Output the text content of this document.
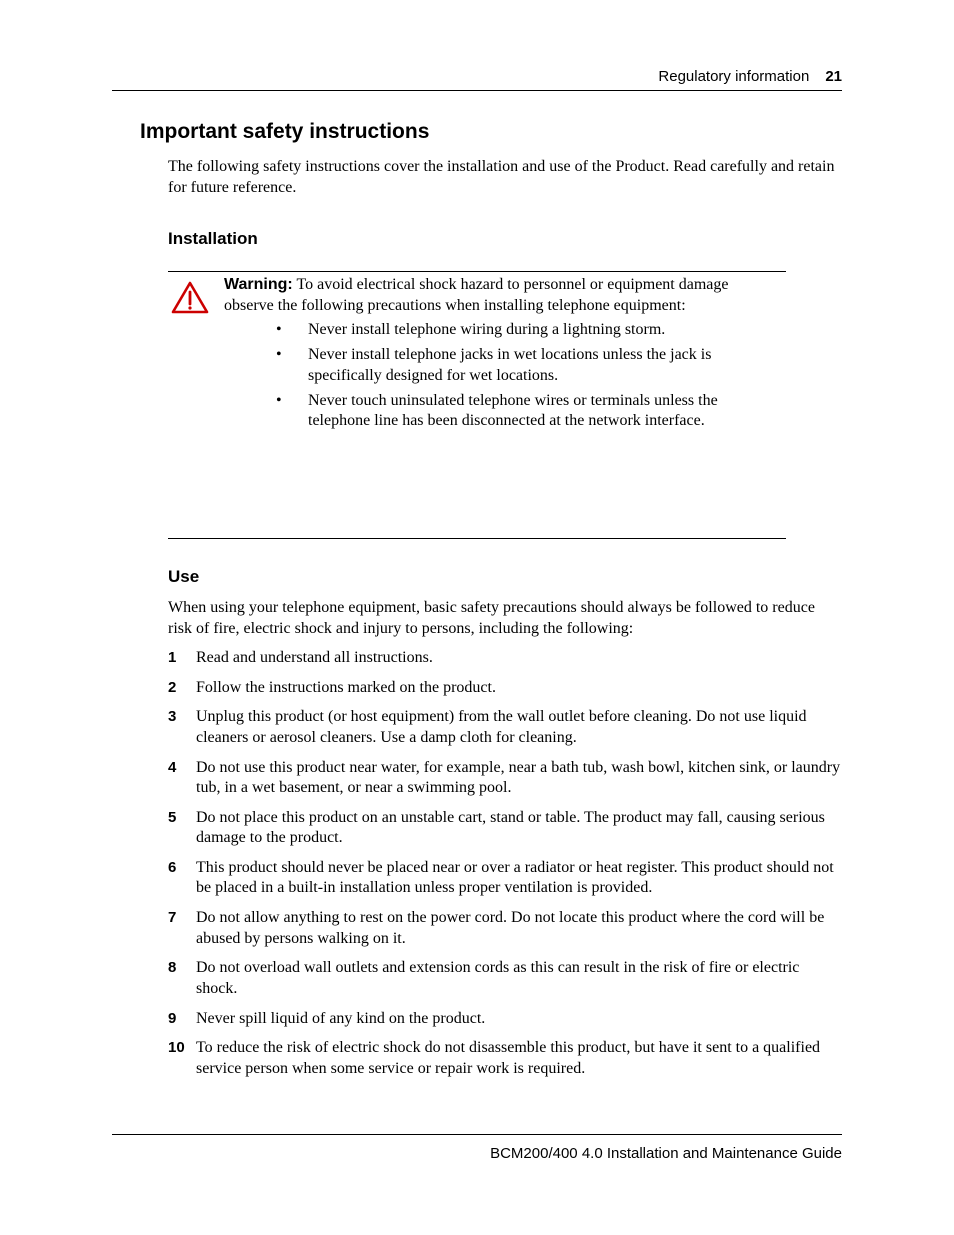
Regulatory information 21
Important safety instructions

The following safety instructions cover the installation and use of the Product. Read carefully and retain for future reference.

Installation

Warning: To avoid electrical shock hazard to personnel or equipment damage observe the following precautions when installing telephone equipment:

• Never install telephone wiring during a lightning storm.
• Never install telephone jacks in wet locations unless the jack is specifically designed for wet locations.
• Never touch uninsulated telephone wires or terminals unless the telephone line has been disconnected at the network interface.
Use

When using your telephone equipment, basic safety precautions should always be followed to reduce risk of fire, electric shock and injury to persons, including the following:

1 Read and understand all instructions.
2 Follow the instructions marked on the product.
3 Unplug this product (or host equipment) from the wall outlet before cleaning. Do not use liquid cleaners or aerosol cleaners. Use a damp cloth for cleaning.
4 Do not use this product near water, for example, near a bath tub, wash bowl, kitchen sink, or laundry tub, in a wet basement, or near a swimming pool.
5 Do not place this product on an unstable cart, stand or table. The product may fall, causing serious damage to the product.
6 This product should never be placed near or over a radiator or heat register. This product should not be placed in a built-in installation unless proper ventilation is provided.
7 Do not allow anything to rest on the power cord. Do not locate this product where the cord will be abused by persons walking on it.
8 Do not overload wall outlets and extension cords as this can result in the risk of fire or electric shock.
9 Never spill liquid of any kind on the product.
10 To reduce the risk of electric shock do not disassemble this product, but have it sent to a qualified service person when some service or repair work is required.
BCM200/400 4.0 Installation and Maintenance Guide
